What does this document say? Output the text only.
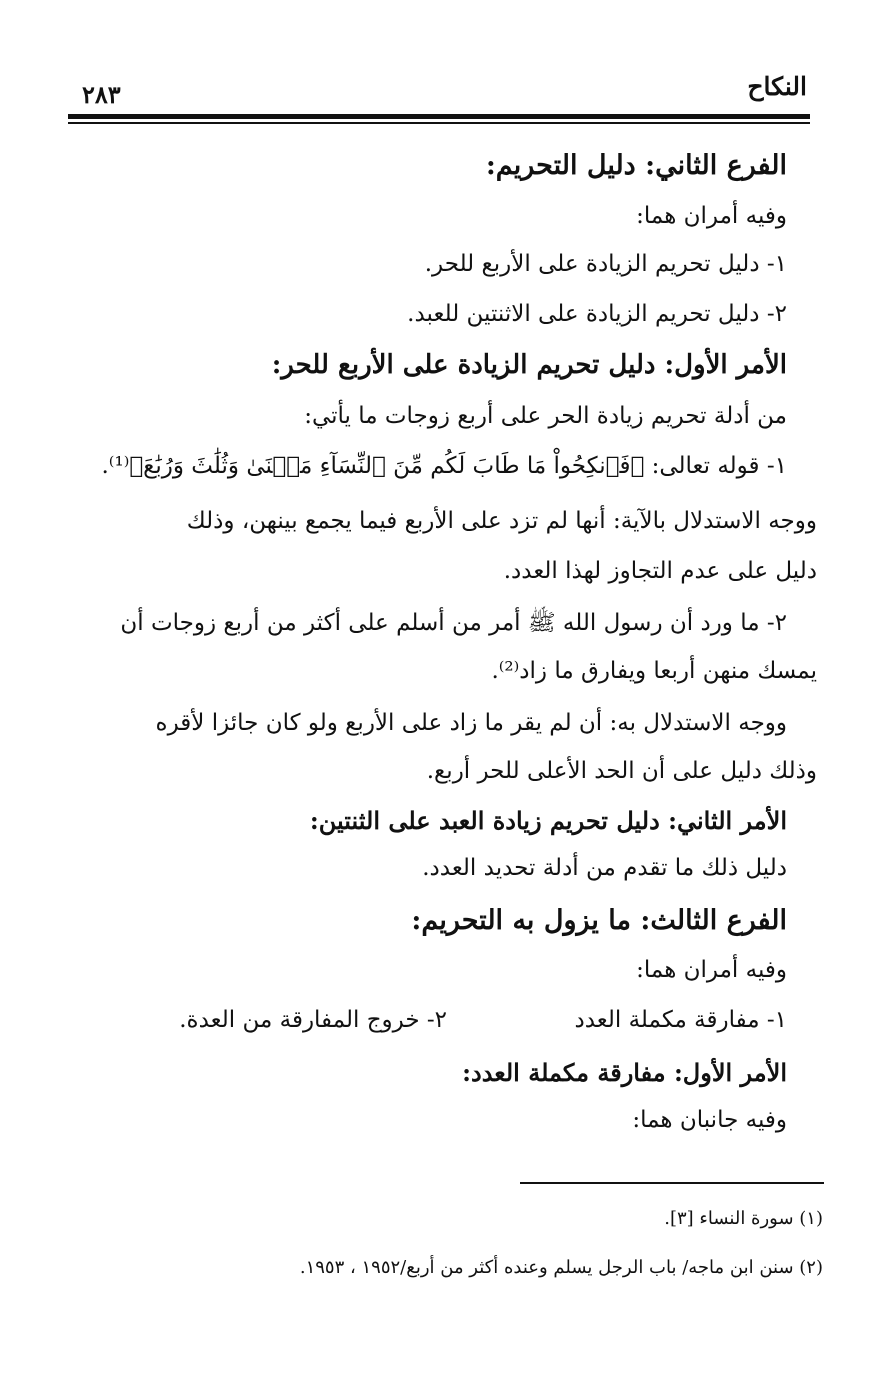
النكاح
٢٨٣
الفرع الثاني: دليل التحريم:
وفيه أمران هما:
١- دليل تحريم الزيادة على الأربع للحر.
٢- دليل تحريم الزيادة على الاثنتين للعبد.
الأمر الأول: دليل تحريم الزيادة على الأربع للحر:
من أدلة تحريم زيادة الحر على أربع زوجات ما يأتي:
١- قوله تعالى: ﴿فَٱنكِحُواْ مَا طَابَ لَكُم مِّنَ ٱلنِّسَآءِ مَثۡنَىٰ وَثُلَٰثَ وَرُبَٰعَ﴾⁽¹⁾.
ووجه الاستدلال بالآية: أنها لم تزد على الأربع فيما يجمع بينهن، وذلك
دليل على عدم التجاوز لهذا العدد.
٢- ما ورد أن رسول الله ﷺ أمر من أسلم على أكثر من أربع زوجات أن
يمسك منهن أربعا ويفارق ما زاد⁽²⁾.
ووجه الاستدلال به: أن لم يقر ما زاد على الأربع ولو كان جائزا لأقره
وذلك دليل على أن الحد الأعلى للحر أربع.
الأمر الثاني: دليل تحريم زيادة العبد على الثنتين:
دليل ذلك ما تقدم من أدلة تحديد العدد.
الفرع الثالث: ما يزول به التحريم:
وفيه أمران هما:
١- مفارقة مكملة العدد
٢- خروج المفارقة من العدة.
الأمر الأول: مفارقة مكملة العدد:
وفيه جانبان هما:
(١) سورة النساء [٣].
(٢) سنن ابن ماجه/ باب الرجل يسلم وعنده أكثر من أربع/١٩٥٢ ، ١٩٥٣.
